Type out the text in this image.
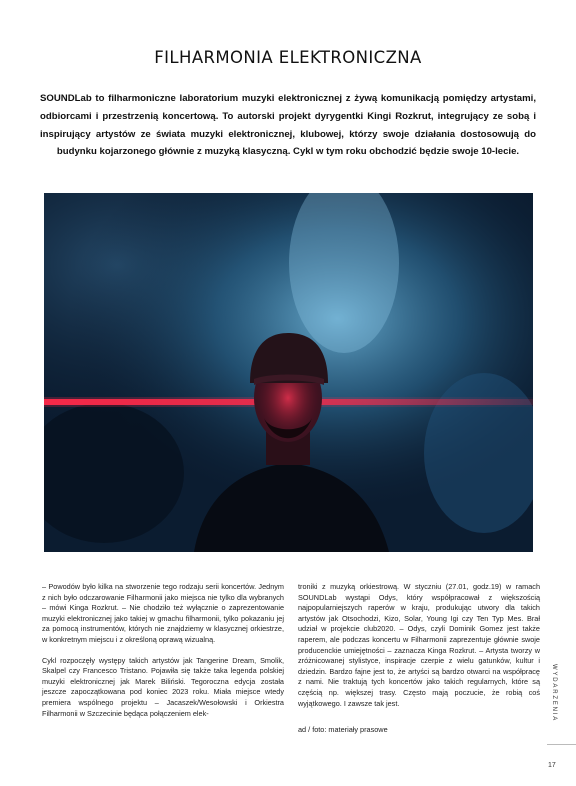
FILHARMONIA ELEKTRONICZNA
SOUNDLab to filharmoniczne laboratorium muzyki elektronicznej z żywą komunikacją pomiędzy artystami, odbiorcami i przestrzenią koncertową. To autorski projekt dyrygentki Kingi Rozkrut, integrujący ze sobą i inspirujący artystów ze świata muzyki elektronicznej, klubowej, którzy swoje działania dostosowują do budynku kojarzonego głównie z muzyką klasyczną. Cykl w tym roku obchodzić będzie swoje 10-lecie.

– Powodów było kilka na stworzenie tego rodzaju serii koncertów. Jednym z nich było odczarowanie Filharmonii jako miejsca nie tylko dla wybranych – mówi Kinga Rozkrut. – Nie chodziło też wyłącznie o zaprezentowanie muzyki elektronicznej jako takiej w gmachu filharmonii, tylko pokazaniu jej za pomocą instrumentów, których nie znajdziemy w klasycznej orkiestrze, w konkretnym miejscu i z określoną oprawą wizualną.

Cykl rozpoczęły występy takich artystów jak Tangerine Dream, Smolik, Skalpel czy Francesco Tristano. Pojawiła się także taka legenda polskiej muzyki elektronicznej jak Marek Biliński. Tegoroczna edycja została jeszcze zapoczątkowana pod koniec 2023 roku. Miała miejsce wtedy premiera wspólnego projektu – Jacaszek/Wesołowski i Orkiestra Filharmonii w Szczecinie będąca połączeniem elek-

troniki z muzyką orkiestrową. W styczniu (27.01, godz.19) w ramach SOUNDLab wystąpi Odys, który współpracował z większością najpopularniejszych raperów w kraju, produkując utwory dla takich artystów jak Otsochodzi, Kizo, Solar, Young Igi czy Ten Typ Mes. Brał udział w projekcie club2020. – Odys, czyli Dominik Gomez jest także raperem, ale podczas koncertu w Filharmonii zaprezentuje głównie swoje producenckie umiejętności – zaznacza Kinga Rozkrut. – Artysta tworzy w zróżnicowanej stylistyce, inspiracje czerpie z wielu gatunków, kultur i dziedzin. Bardzo fajne jest to, że artyści są bardzo otwarci na współpracę z nami. Nie traktują tych koncertów jako takich regularnych, które są częścią np. większej trasy. Często mają poczucie, że robią coś wyjątkowego. I zawsze tak jest.

ad / foto: materiały prasowe

WYDARZENIA
17
